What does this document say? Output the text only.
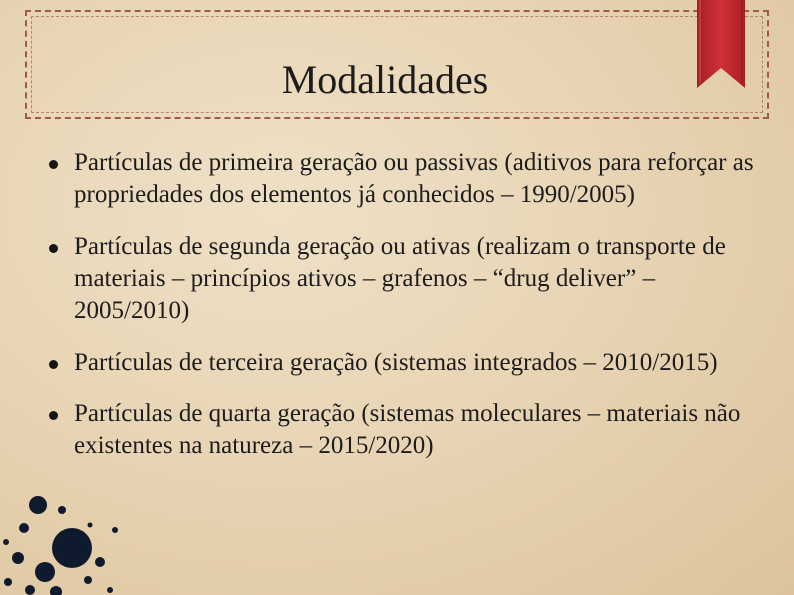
Modalidades
Partículas de primeira geração ou passivas (aditivos para reforçar as propriedades dos elementos já conhecidos – 1990/2005)
Partículas de segunda geração ou ativas (realizam o transporte de materiais – princípios ativos – grafenos – “drug deliver” – 2005/2010)
Partículas de terceira geração (sistemas integrados – 2010/2015)
Partículas de quarta geração (sistemas moleculares – materiais não existentes na natureza – 2015/2020)
